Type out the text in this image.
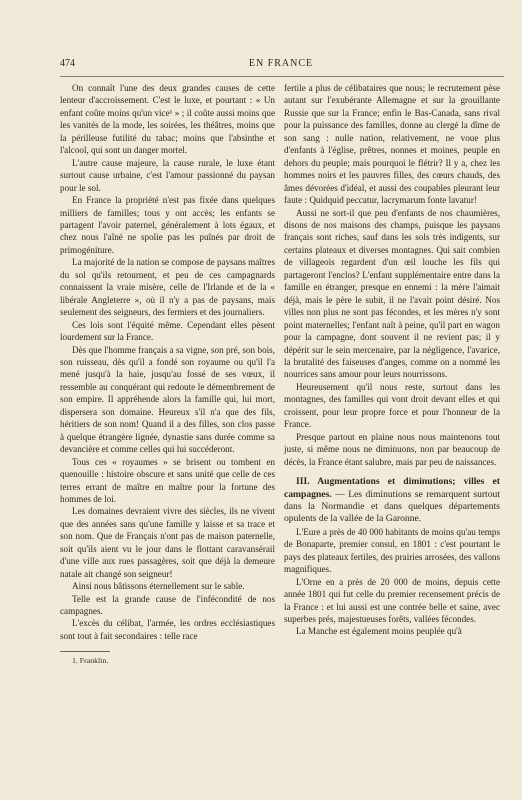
474	EN FRANCE

On connaît l'une des deux grandes causes de cette lenteur d'accroissement. C'est le luxe, et pourtant : « Un enfant coûte moins qu'un vice¹ » ; il coûte aussi moins que les vanités de la mode, les soirées, les théâtres, moins que la périlleuse futilité du tabac; moins que l'absinthe et l'alcool, qui sont un danger mortel.

L'autre cause majeure, la cause rurale, le luxe étant surtout cause urbaine, c'est l'amour passionné du paysan pour le sol.

En France la propriété n'est pas fixée dans quelques milliers de familles; tous y ont accès; les enfants se partagent l'avoir paternel, généralement à lots égaux, et chez nous l'aîné ne spolie pas les puînés par droit de primogéniture.

La majorité de la nation se compose de paysans maîtres du sol qu'ils retournent, et peu de ces campagnards connaissent la vraie misère, celle de l'Irlande et de la « libérale Angleterre », où il n'y a pas de paysans, mais seulement des seigneurs, des fermiers et des journaliers.

Ces lois sont l'équité même. Cependant elles pèsent lourdement sur la France.

Dès que l'homme français a sa vigne, son pré, son bois, son ruisseau, dès qu'il a fondé son royaume ou qu'il l'a mené jusqu'à la haie, jusqu'au fossé de ses vœux, il ressemble au conquérant qui redoute le démembrement de son empire. Il appréhende alors la famille qui, lui mort, dispersera son domaine. Heureux s'il n'a que des fils, héritiers de son nom! Quand il a des filles, son clos passe à quelque étrangère lignée, dynastie sans durée comme sa devancière et comme celles qui lui succéderont.

Tous ces « royaumes » se brisent ou tombent en quenouille : histoire obscure et sans unité que celle de ces terres errant de maître en maître pour la fortune des hommes de loi.

Les domaines devraient vivre des siècles, ils ne vivent que des années sans qu'une famille y laisse et sa trace et son nom. Que de Français n'ont pas de maison paternelle, soit qu'ils aient vu le jour dans le flottant caravansérail d'une ville aux rues passagères, soit que déjà la demeure natale ait changé son seigneur!

Ainsi nous bâtissons éternellement sur le sable.

Telle est la grande cause de l'infécondité de nos campagnes.

L'excès du célibat, l'armée, les ordres ecclésiastiques sont tout à fait secondaires : telle race

1. Franklin.

fertile a plus de célibataires que nous; le recrutement pèse autant sur l'exubérante Allemagne et sur la grouillante Russie que sur la France; enfin le Bas-Canada, sans rival pour la puissance des familles, donne au clergé la dîme de son sang : nulle nation, relativement, ne voue plus d'enfants à l'église, prêtres, nonnes et moines, peuple en dehors du peuple; mais pourquoi le flétrir? Il y a, chez les hommes noirs et les pauvres filles, des cœurs chauds, des âmes dévorées d'idéal, et aussi des coupables pleurant leur faute : Quidquid peccatur, lacrymarum fonte lavatur!

Aussi ne sort-il que peu d'enfants de nos chaumières, disons de nos maisons des champs, puisque les paysans français sont riches, sauf dans les sols très indigents, sur certains plateaux et diverses montagnes. Qui sait combien de villageois regardent d'un œil louche les fils qui partageront l'enclos? L'enfant supplémentaire entre dans la famille en étranger, presque en ennemi : la mère l'aimait déjà, mais le père le subit, il ne l'avait point désiré. Nos villes non plus ne sont pas fécondes, et les mères n'y sont point maternelles; l'enfant naît à peine, qu'il part en wagon pour la campagne, dont souvent il ne revient pas; il y dépérit sur le sein mercenaire, par la négligence, l'avarice, la brutalité des faiseuses d'anges, comme on a nommé les nourrices sans amour pour leurs nourrissons.

Heureusement qu'il nous reste, surtout dans les montagnes, des familles qui vont droit devant elles et qui croissent, pour leur propre force et pour l'honneur de la France.

Presque partout en plaine nous nous maintenons tout juste, si même nous ne diminuons, non par beaucoup de décès, la France étant salubre, mais par peu de naissances.

III. Augmentations et diminutions; villes et campagnes. — Les diminutions se remarquent surtout dans la Normandie et dans quelques départements opulents de la vallée de la Garonne.

L'Eure a près de 40 000 habitants de moins qu'au temps de Bonaparte, premier consul, en 1801 : c'est pourtant le pays des plateaux fertiles, des prairies arrosées, des vallons magnifiques.

L'Orne en a près de 20 000 de moins, depuis cette année 1801 qui fut celle du premier recensement précis de la France : et lui aussi est une contrée belle et saine, avec superbes prés, majestueuses forêts, vallées fécondes.

La Manche est également moins peuplée qu'à
